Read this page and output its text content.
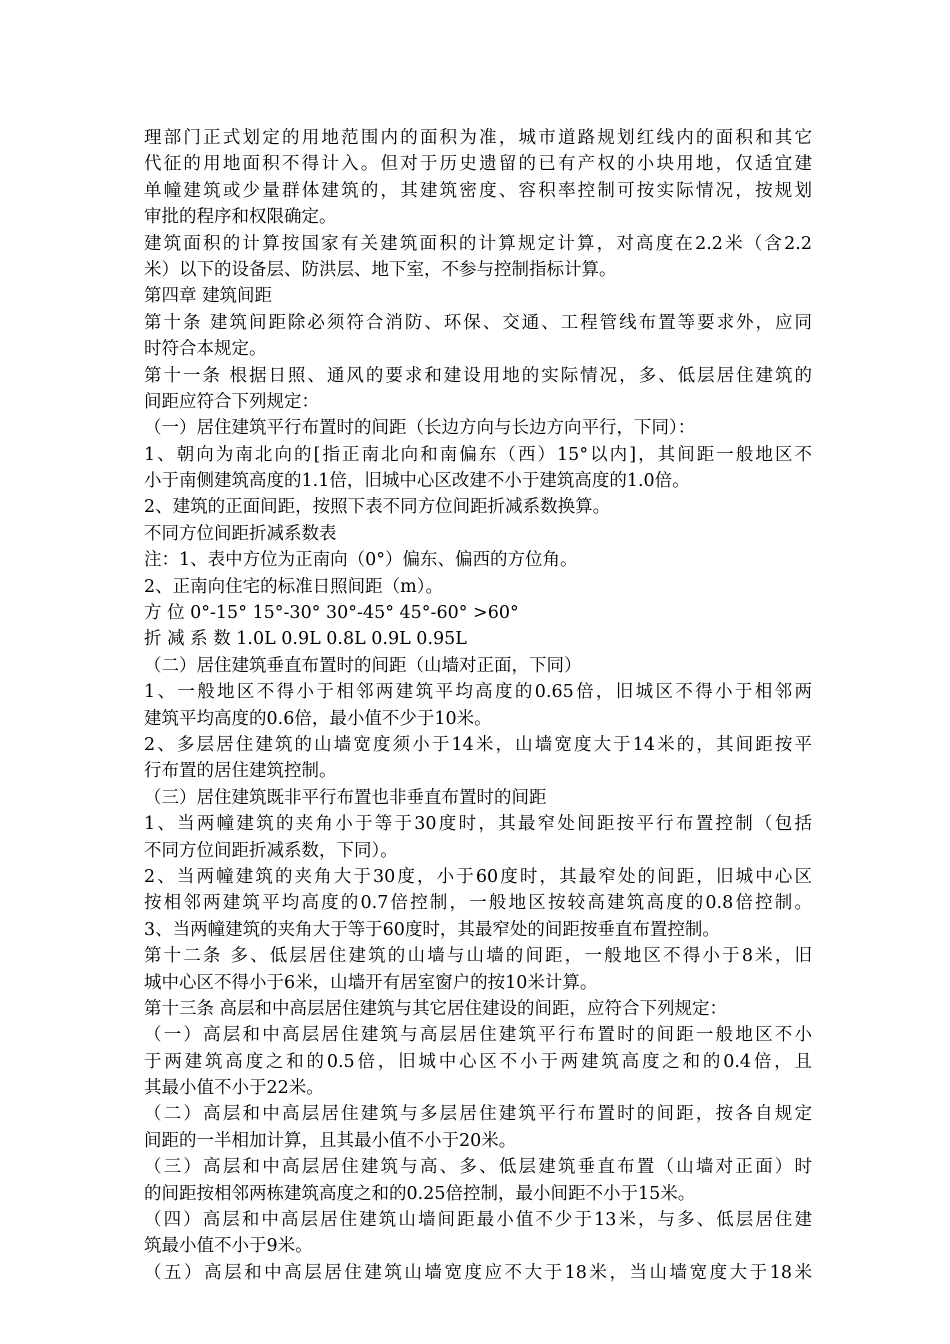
理部门正式划定的用地范围内的面积为准，城市道路规划红线内的面积和其它
代征的用地面积不得计入。但对于历史遗留的已有产权的小块用地，仅适宜建
单幢建筑或少量群体建筑的，其建筑密度、容积率控制可按实际情况，按规划
审批的程序和权限确定。
建筑面积的计算按国家有关建筑面积的计算规定计算，对高度在2.2米（含2.2
米）以下的设备层、防洪层、地下室，不参与控制指标计算。
第四章 建筑间距
第十条 建筑间距除必须符合消防、环保、交通、工程管线布置等要求外，应同
时符合本规定。
第十一条 根据日照、通风的要求和建设用地的实际情况，多、低层居住建筑的
间距应符合下列规定：
（一）居住建筑平行布置时的间距（长边方向与长边方向平行，下同）：
1、朝向为南北向的[指正南北向和南偏东（西）15°以内]，其间距一般地区不
小于南侧建筑高度的1.1倍，旧城中心区改建不小于建筑高度的1.0倍。
2、建筑的正面间距，按照下表不同方位间距折减系数换算。
不同方位间距折减系数表
注：1、表中方位为正南向（0°）偏东、偏西的方位角。
2、正南向住宅的标准日照间距（m）。
方 位 0°-15° 15°-30° 30°-45° 45°-60° >60°
折 减 系 数 1.0L 0.9L 0.8L 0.9L 0.95L
（二）居住建筑垂直布置时的间距（山墙对正面，下同）
1、一般地区不得小于相邻两建筑平均高度的0.65倍，旧城区不得小于相邻两
建筑平均高度的0.6倍，最小值不少于10米。
2、多层居住建筑的山墙宽度须小于14米，山墙宽度大于14米的，其间距按平
行布置的居住建筑控制。
（三）居住建筑既非平行布置也非垂直布置时的间距
1、当两幢建筑的夹角小于等于30度时，其最窄处间距按平行布置控制（包括
不同方位间距折减系数，下同）。
2、当两幢建筑的夹角大于30度，小于60度时，其最窄处的间距，旧城中心区
按相邻两建筑平均高度的0.7倍控制，一般地区按较高建筑高度的0.8倍控制。
3、当两幢建筑的夹角大于等于60度时，其最窄处的间距按垂直布置控制。
第十二条 多、低层居住建筑的山墙与山墙的间距，一般地区不得小于8米，旧
城中心区不得小于6米，山墙开有居室窗户的按10米计算。
第十三条 高层和中高层居住建筑与其它居住建设的间距，应符合下列规定：
（一）高层和中高层居住建筑与高层居住建筑平行布置时的间距一般地区不小
于两建筑高度之和的0.5倍，旧城中心区不小于两建筑高度之和的0.4倍，且
其最小值不小于22米。
（二）高层和中高层居住建筑与多层居住建筑平行布置时的间距，按各自规定
间距的一半相加计算，且其最小值不小于20米。
（三）高层和中高层居住建筑与高、多、低层建筑垂直布置（山墙对正面）时
的间距按相邻两栋建筑高度之和的0.25倍控制，最小间距不小于15米。
（四）高层和中高层居住建筑山墙间距最小值不少于13米，与多、低层居住建
筑最小值不小于9米。
（五）高层和中高层居住建筑山墙宽度应不大于18米，当山墙宽度大于18米
